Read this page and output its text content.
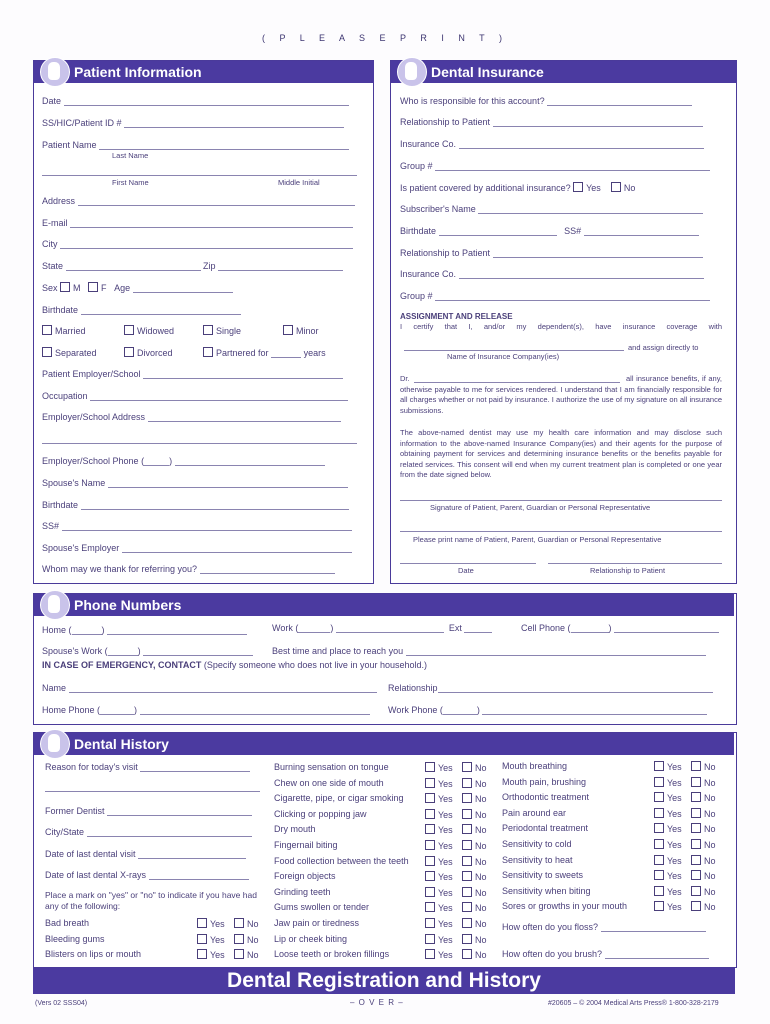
( P L E A S E P R I N T )
Patient Information
Date
SS/HIC/Patient ID #
Patient Name
Last Name
First Name	Middle Initial
Address
E-mail
City
State	Zip
Sex M F Age
Birthdate
Married	Widowed	Single	Minor
Separated	Divorced	Partnered for	years
Patient Employer/School
Occupation
Employer/School Address
Employer/School Phone (	)
Spouse's Name
Birthdate
SS#
Spouse's Employer
Whom may we thank for referring you?
Dental Insurance
Who is responsible for this account?
Relationship to Patient
Insurance Co.
Group #
Is patient covered by additional insurance? Yes	No
Subscriber's Name
Birthdate	SS#
Relationship to Patient
Insurance Co.
Group #
ASSIGNMENT AND RELEASE
I certify that I, and/or my dependent(s), have insurance coverage with
and assign directly to
Name of Insurance Company(ies)
Dr.	all insurance benefits, if any, otherwise payable to me for services rendered. I understand that I am financially responsible for all charges whether or not paid by insurance. I authorize the use of my signature on all insurance submissions.
The above-named dentist may use my health care information and may disclose such information to the above-named Insurance Company(ies) and their agents for the purpose of obtaining payment for services and determining insurance benefits or the benefits payable for related services. This consent will end when my current treatment plan is completed or one year from the date signed below.
Signature of Patient, Parent, Guardian or Personal Representative
Please print name of Patient, Parent, Guardian or Personal Representative
Date	Relationship to Patient
Phone Numbers
Home (	)	Work (	)	Ext	Cell Phone (	)
Spouse's Work (	)	Best time and place to reach you
IN CASE OF EMERGENCY, CONTACT (Specify someone who does not live in your household.)
Name	Relationship
Home Phone (	)	Work Phone (	)
Dental History
Reason for today's visit
Former Dentist
City/State
Date of last dental visit
Date of last dental X-rays
Place a mark on "yes" or "no" to indicate if you have had any of the following:
Bad breath	Yes	No
Bleeding gums	Yes	No
Blisters on lips or mouth	Yes	No
Burning sensation on tongue	Yes	No
Chew on one side of mouth	Yes	No
Cigarette, pipe, or cigar smoking	Yes	No
Clicking or popping jaw	Yes	No
Dry mouth	Yes	No
Fingernail biting	Yes	No
Food collection between the teeth	Yes	No
Foreign objects	Yes	No
Grinding teeth	Yes	No
Gums swollen or tender	Yes	No
Jaw pain or tiredness	Yes	No
Lip or cheek biting	Yes	No
Loose teeth or broken fillings	Yes	No
Mouth breathing	Yes	No
Mouth pain, brushing	Yes	No
Orthodontic treatment	Yes	No
Pain around ear	Yes	No
Periodontal treatment	Yes	No
Sensitivity to cold	Yes	No
Sensitivity to heat	Yes	No
Sensitivity to sweets	Yes	No
Sensitivity when biting	Yes	No
Sores or growths in your mouth	Yes	No
How often do you floss?
How often do you brush?
Dental Registration and History
(Vers 02 SSS04)	– O V E R –	#20605 – © 2004 Medical Arts Press® 1-800-328-2179
